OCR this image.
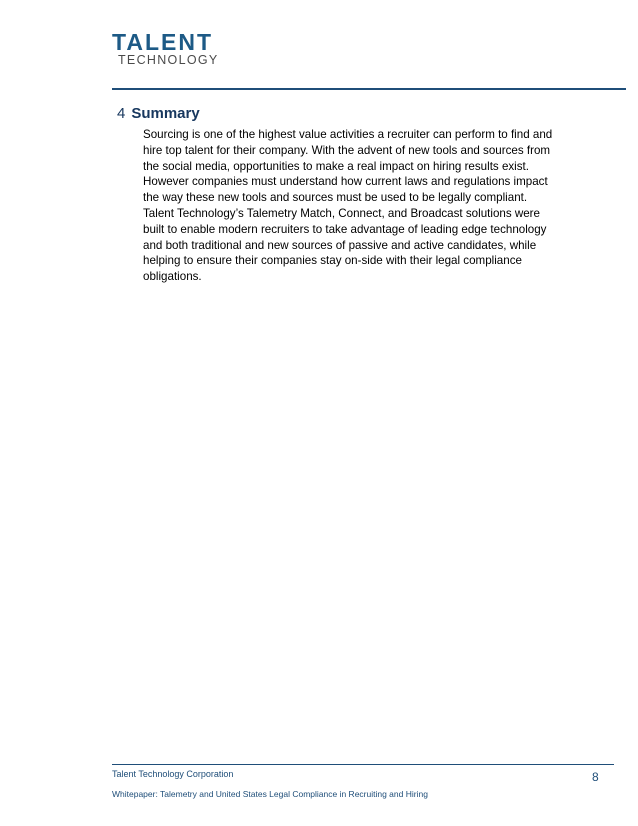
TALENT
TECHNOLOGY
4 Summary
Sourcing is one of the highest value activities a recruiter can perform to find and
hire top talent for their company. With the advent of new tools and sources from
the social media, opportunities to make a real impact on hiring results exist.
However companies must understand how current laws and regulations impact
the way these new tools and sources must be used to be legally compliant.
Talent Technology’s Talemetry Match, Connect, and Broadcast solutions were
built to enable modern recruiters to take advantage of leading edge technology
and both traditional and new sources of passive and active candidates, while
helping to ensure their companies stay on-side with their legal compliance
obligations.
Talent Technology Corporation	8
Whitepaper: Talemetry and United States Legal Compliance in Recruiting and Hiring
